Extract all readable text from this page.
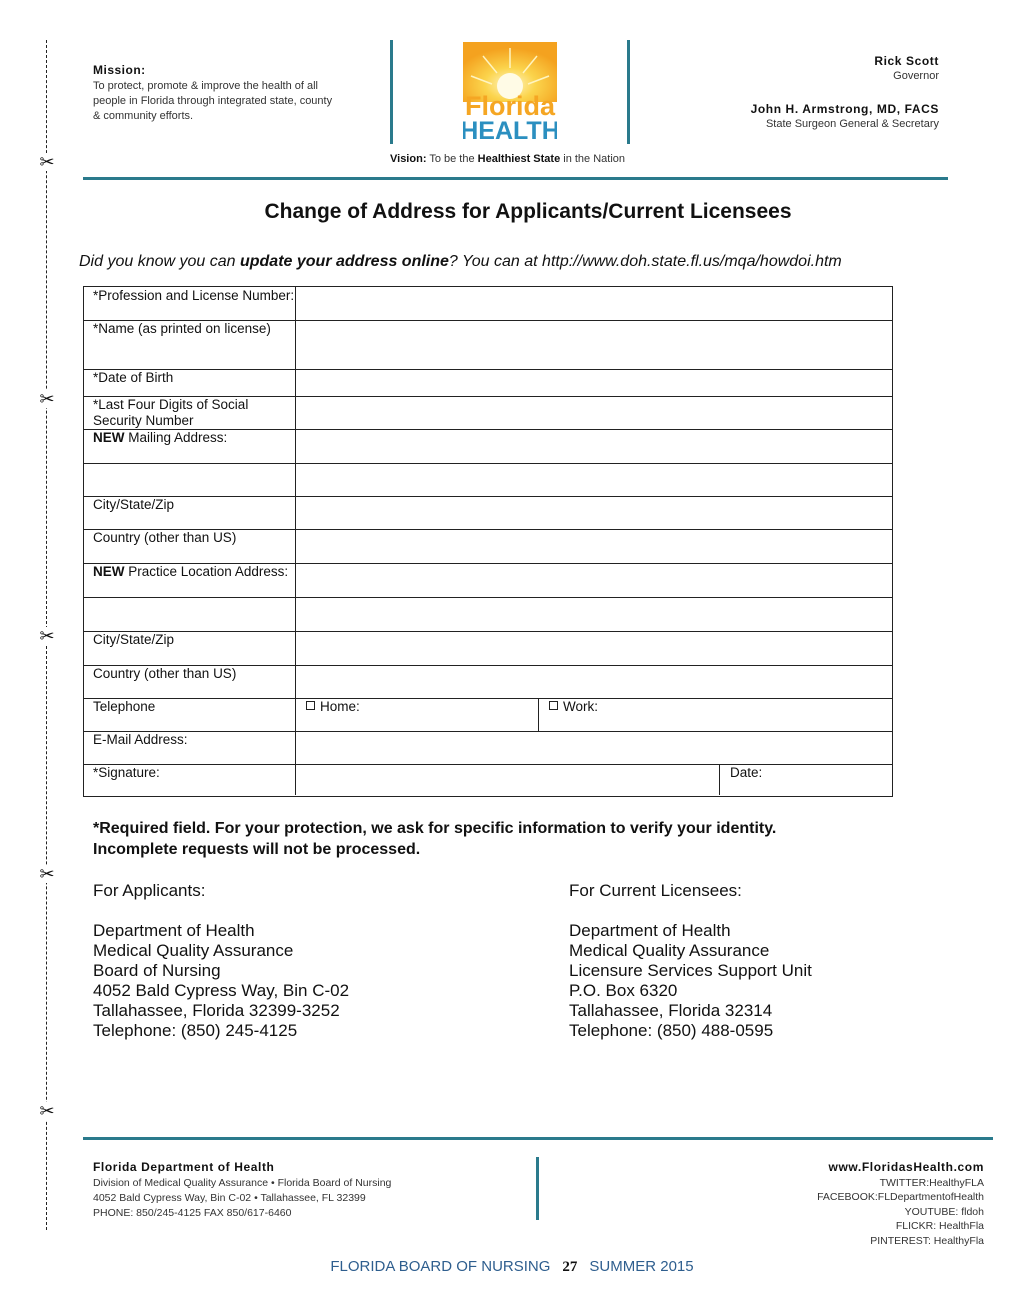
✂
✂
✂
✂
✂
Mission:
To protect, promote & improve the health of all people in Florida through integrated state, county & community efforts.	Florida
HEALTH
Rick Scott
Governor
John H. Armstrong, MD, FACS
State Surgeon General & Secretary
Vision: To be the Healthiest State in the Nation
Change of Address for Applicants/Current Licensees
Did you know you can update your address online? You can at http://www.doh.state.fl.us/mqa/howdoi.htm
*Profession and License Number:
*Name (as printed on license)
*Date of Birth
*Last Four Digits of Social Security Number
NEW Mailing Address:
City/State/Zip
Country (other than US)
NEW Practice Location Address:
City/State/Zip
Country (other than US)
Telephone	Home:	Work:
E-Mail Address:
*Signature:	Date:
*Required field. For your protection, we ask for specific information to verify your identity.
Incomplete requests will not be processed.
For Applicants:
Department of Health
Medical Quality Assurance
Board of Nursing
4052 Bald Cypress Way, Bin C-02
Tallahassee, Florida 32399-3252
Telephone: (850) 245-4125
For Current Licensees:
Department of Health
Medical Quality Assurance
Licensure Services Support Unit
P.O. Box 6320
Tallahassee, Florida 32314
Telephone: (850) 488-0595
Florida Department of Health
Division of Medical Quality Assurance • Florida Board of Nursing
4052 Bald Cypress Way, Bin C-02 • Tallahassee, FL 32399
PHONE: 850/245-4125 FAX 850/617-6460
www.FloridasHealth.com
TWITTER:HealthyFLA
FACEBOOK:FLDepartmentofHealth
YOUTUBE: fldoh
FLICKR: HealthFla
PINTEREST: HealthyFla
FLORIDA BOARD OF NURSING 27 SUMMER 2015
